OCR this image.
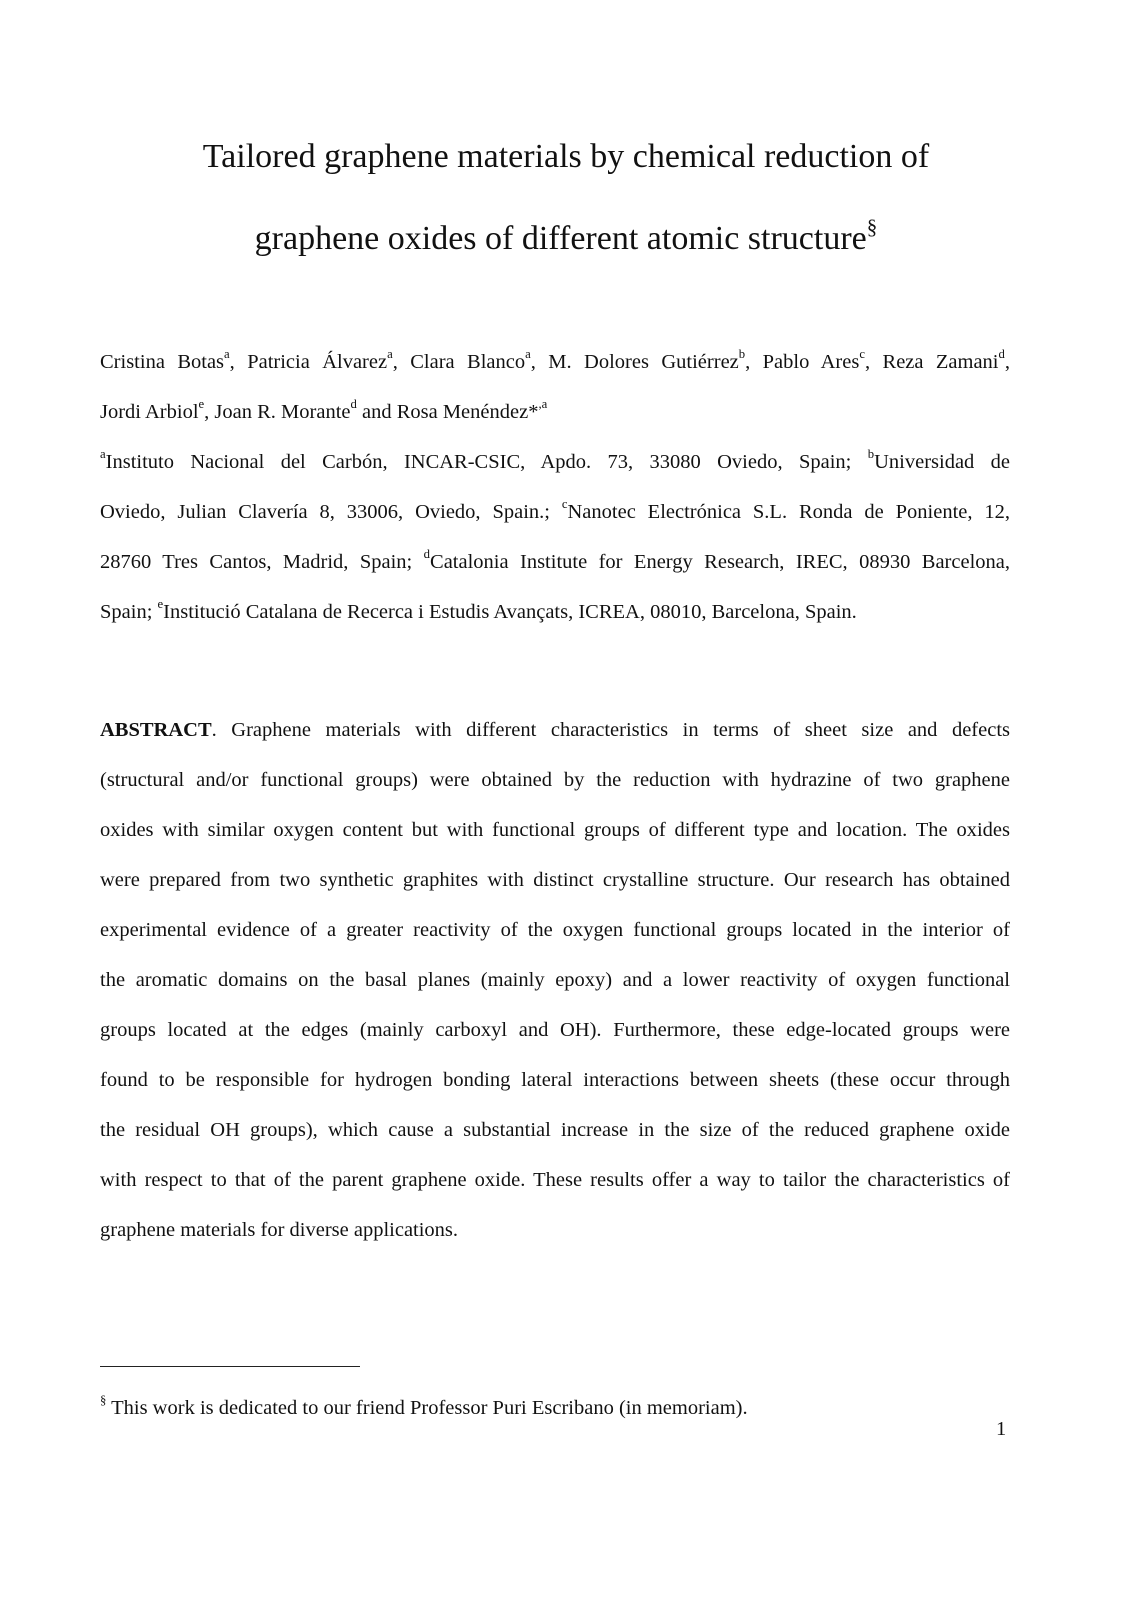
Tailored graphene materials by chemical reduction of
graphene oxides of different atomic structure§
Cristina Botas$^a$, Patricia Álvarez$^a$, Clara Blanco$^a$, M. Dolores Gutiérrez$^b$, Pablo Ares$^c$, Reza Zamani$^d$,
Jordi Arbiol$^e$, Joan R. Morante$^d$ and Rosa Menéndez*$^{,a}$
$^a$Instituto Nacional del Carbón, INCAR-CSIC, Apdo. 73, 33080 Oviedo, Spain; $^b$Universidad de
Oviedo, Julian Clavería 8, 33006, Oviedo, Spain.; $^c$Nanotec Electrónica S.L. Ronda de Poniente, 12,
28760 Tres Cantos, Madrid, Spain; $^d$Catalonia Institute for Energy Research, IREC, 08930 Barcelona,
Spain; $^e$Institució Catalana de Recerca i Estudis Avançats, ICREA, 08010, Barcelona, Spain.
ABSTRACT. Graphene materials with different characteristics in terms of sheet size and defects
(structural and/or functional groups) were obtained by the reduction with hydrazine of two graphene
oxides with similar oxygen content but with functional groups of different type and location. The oxides
were prepared from two synthetic graphites with distinct crystalline structure. Our research has obtained
experimental evidence of a greater reactivity of the oxygen functional groups located in the interior of
the aromatic domains on the basal planes (mainly epoxy) and a lower reactivity of oxygen functional
groups located at the edges (mainly carboxyl and OH). Furthermore, these edge-located groups were
found to be responsible for hydrogen bonding lateral interactions between sheets (these occur through
the residual OH groups), which cause a substantial increase in the size of the reduced graphene oxide
with respect to that of the parent graphene oxide. These results offer a way to tailor the characteristics of
graphene materials for diverse applications.
§ This work is dedicated to our friend Professor Puri Escribano (in memoriam).
1
